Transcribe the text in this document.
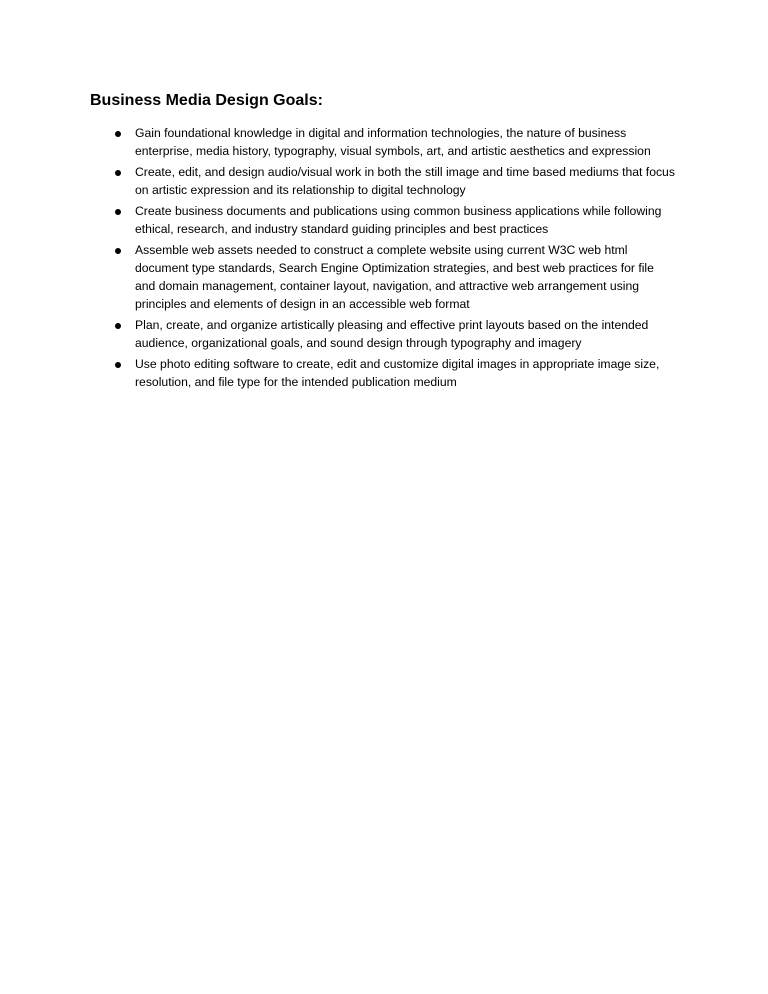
Business Media Design Goals:
Gain foundational knowledge in digital and information technologies, the nature of business enterprise, media history, typography, visual symbols, art, and artistic aesthetics and expression
Create, edit, and design audio/visual work in both the still image and time based mediums that focus on artistic expression and its relationship to digital technology
Create business documents and publications using common business applications while following ethical, research, and industry standard guiding principles and best practices
Assemble web assets needed to construct a complete website using current W3C web html document type standards, Search Engine Optimization strategies, and best web practices for file and domain management, container layout, navigation, and attractive web arrangement using principles and elements of design in an accessible web format
Plan, create, and organize artistically pleasing and effective print layouts based on the intended audience, organizational goals, and sound design through typography and imagery
Use photo editing software to create, edit and customize digital images in appropriate image size, resolution, and file type for the intended publication medium
